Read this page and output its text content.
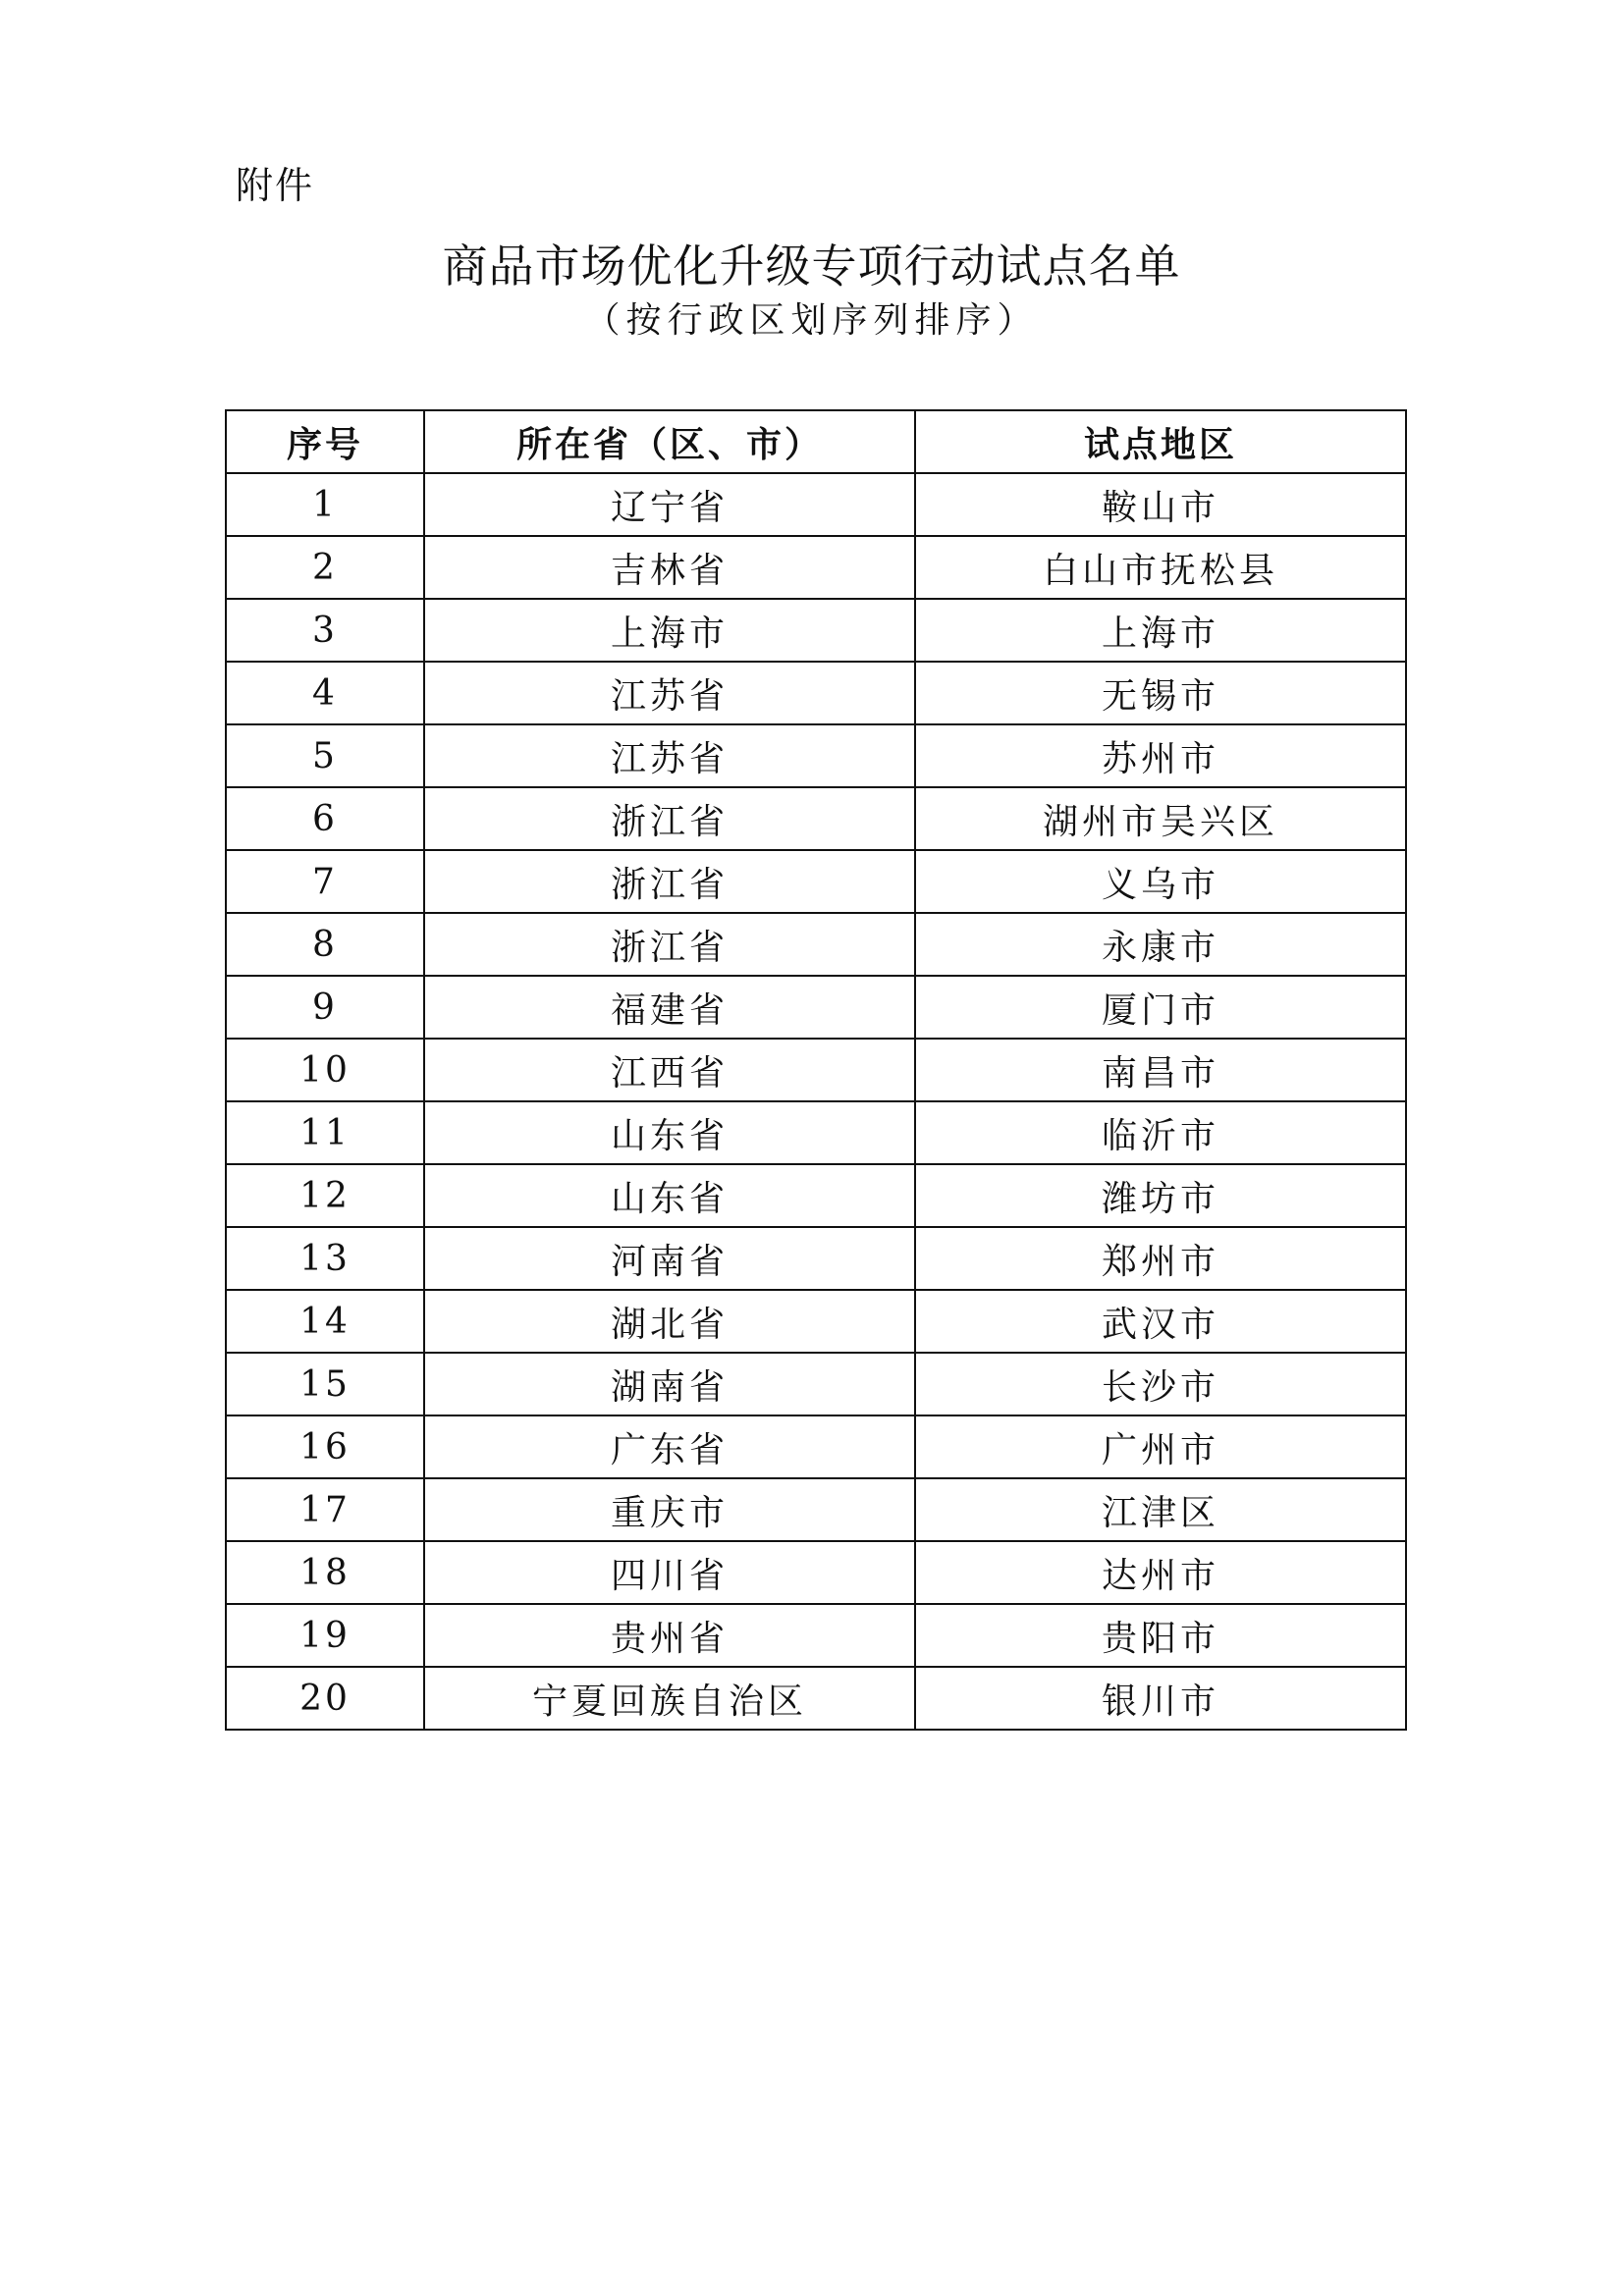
附件
商品市场优化升级专项行动试点名单
（按行政区划序列排序）
序号	所在省（区、市）	试点地区
1	辽宁省	鞍山市
2	吉林省	白山市抚松县
3	上海市	上海市
4	江苏省	无锡市
5	江苏省	苏州市
6	浙江省	湖州市吴兴区
7	浙江省	义乌市
8	浙江省	永康市
9	福建省	厦门市
10	江西省	南昌市
11	山东省	临沂市
12	山东省	潍坊市
13	河南省	郑州市
14	湖北省	武汉市
15	湖南省	长沙市
16	广东省	广州市
17	重庆市	江津区
18	四川省	达州市
19	贵州省	贵阳市
20	宁夏回族自治区	银川市
